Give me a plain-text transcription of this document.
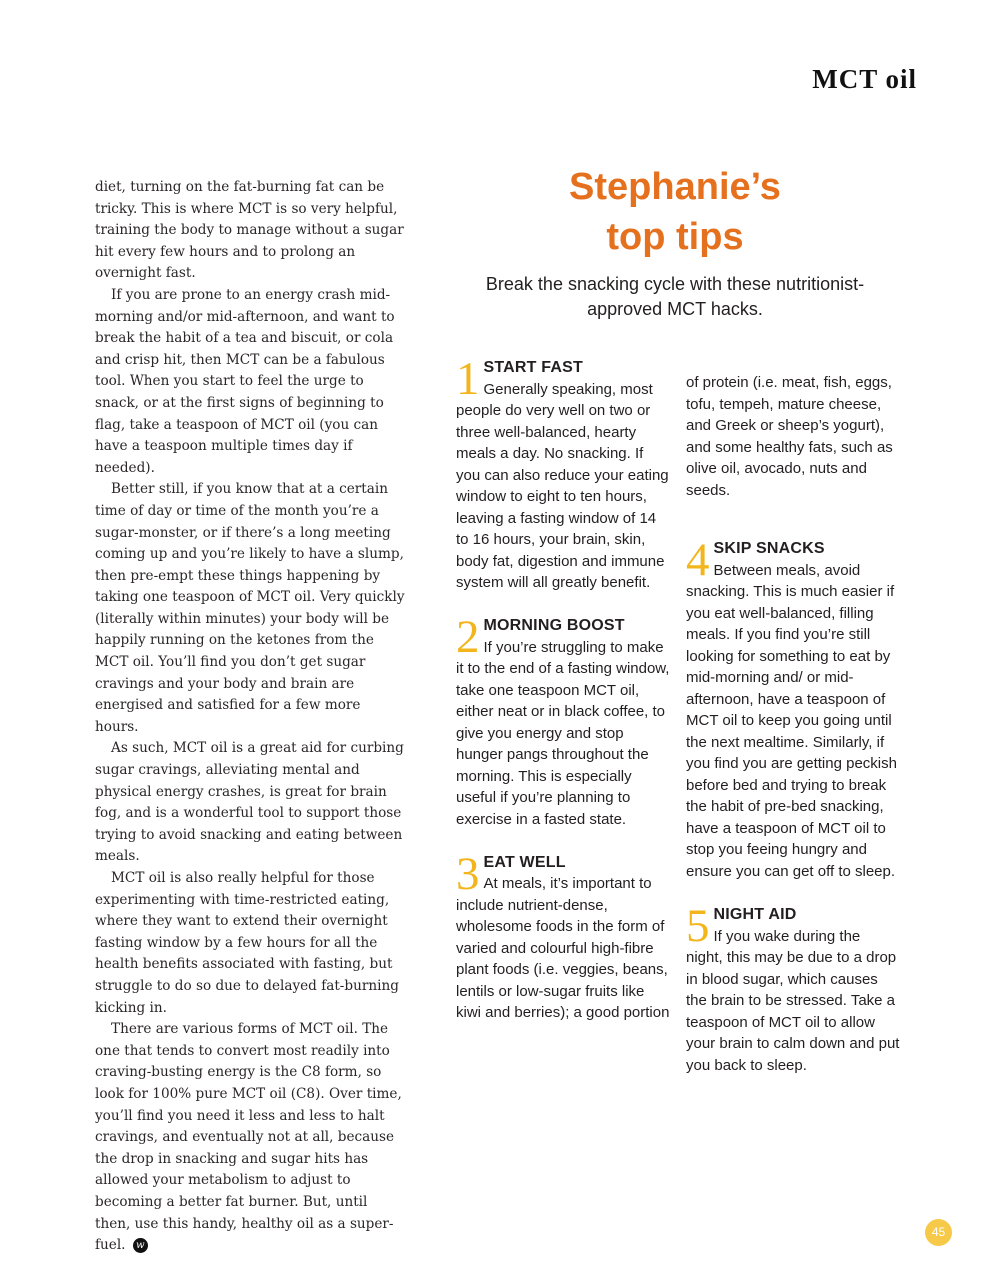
MCT oil

diet, turning on the fat-burning fat can be tricky. This is where MCT is so very helpful, training the body to manage without a sugar hit every few hours and to prolong an overnight fast.

If you are prone to an energy crash mid-morning and/or mid-afternoon, and want to break the habit of a tea and biscuit, or cola and crisp hit, then MCT can be a fabulous tool. When you start to feel the urge to snack, or at the first signs of beginning to flag, take a teaspoon of MCT oil (you can have a teaspoon multiple times day if needed).

Better still, if you know that at a certain time of day or time of the month you’re a sugar-monster, or if there’s a long meeting coming up and you’re likely to have a slump, then pre-empt these things happening by taking one teaspoon of MCT oil. Very quickly (literally within minutes) your body will be happily running on the ketones from the MCT oil. You’ll find you don’t get sugar cravings and your body and brain are energised and satisfied for a few more hours.

As such, MCT oil is a great aid for curbing sugar cravings, alleviating mental and physical energy crashes, is great for brain fog, and is a wonderful tool to support those trying to avoid snacking and eating between meals.

MCT oil is also really helpful for those experimenting with time-restricted eating, where they want to extend their overnight fasting window by a few hours for all the health benefits associated with fasting, but struggle to do so due to delayed fat-burning kicking in.

There are various forms of MCT oil. The one that tends to convert most readily into craving-busting energy is the C8 form, so look for 100% pure MCT oil (C8). Over time, you’ll find you need it less and less to halt cravings, and eventually not at all, because the drop in snacking and sugar hits has allowed your metabolism to adjust to becoming a better fat burner. But, until then, use this handy, healthy oil as a super-fuel. w

Stephanie’s
top tips
Break the snacking cycle with these nutritionist-approved MCT hacks.
1 START FAST

Generally speaking, most people do very well on two or three well-balanced, hearty meals a day. No snacking. If you can also reduce your eating window to eight to ten hours, leaving a fasting window of 14 to 16 hours, your brain, skin, body fat, digestion and immune system will all greatly benefit.

2 MORNING BOOST

If you’re struggling to make it to the end of a fasting window, take one teaspoon MCT oil, either neat or in black coffee, to give you energy and stop hunger pangs throughout the morning. This is especially useful if you’re planning to exercise in a fasted state.

3 EAT WELL

At meals, it’s important to include nutrient-dense, wholesome foods in the form of varied and colourful high-fibre plant foods (i.e. veggies, beans, lentils or low-sugar fruits like kiwi and berries); a good portion

of protein (i.e. meat, fish, eggs, tofu, tempeh, mature cheese, and Greek or sheep’s yogurt), and some healthy fats, such as olive oil, avocado, nuts and seeds.

4 SKIP SNACKS

Between meals, avoid snacking. This is much easier if you eat well-balanced, filling meals. If you find you’re still looking for something to eat by mid-morning and/ or mid-afternoon, have a teaspoon of MCT oil to keep you going until the next mealtime. Similarly, if you find you are getting peckish before bed and trying to break the habit of pre-bed snacking, have a teaspoon of MCT oil to stop you feeing hungry and ensure you can get off to sleep.

5 NIGHT AID

If you wake during the night, this may be due to a drop in blood sugar, which causes the brain to be stressed. Take a teaspoon of MCT oil to allow your brain to calm down and put you back to sleep.

45
